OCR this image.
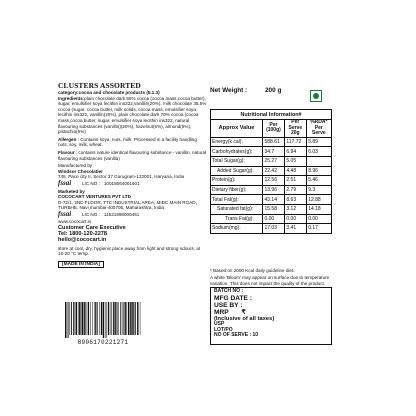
CLUSTERS ASSORTED
category:cocoa and chocolate products (5.1.3)

Ingredients:plain chocolate dark 55% cocoa (cocoa mass,cocoa butter), sugar, emulsifier soya lecithin ins322,vanillin(20%), milk chocolate 35.5% cocoa (sugar, cocoa butter, milk solids, cocoa mass, emulsifier soya lecithin ins322, vanillin(20%), plain chocolate dark 70% cocoa (cocoa mass,cocoa butter, sugar, emulsifier soya lecithin ins322, natural flavouring substances (vanillin)(20%), hazelnut(5%), almond(5%), pistachio(5%)

Allergen : Contains soya, nuts, milk. Processed in a facility handling nuts, soy, milk, wheat.

Flavour : contains nature identical flavouring substance - vanillin, natural flavouring substances (vanilla)

Manufactured by
Windsor Chocolatier
745, Pace city II, Sector 37 Gurugram-122001, Haryana, India
fssai	LIC NO : 10018064001601
Marketed by
COCOCART VENTURES PVT LTD
D-72/1, 2ND FLOOR, TTC INDUSTRIAL AREA, MIDC MAIN ROAD, TURBHE, Navi mumbai-400705, Maharashtra, India
fssai	LIC NO : 11521998000451
www.cococart.in
Customer Care Executive
Tel: 1800-120-2278
hello@cococart.in

store at cool, dry, hygienic place away from light and strong odours, at 16-20 °C temp.

[MADE IN INDIA]
8906170221271
Net Weight :	200 g
Nutritional Information#			
Approx Value	Per (100g)	Per Serve 20g	%RDA* Per Serve
Energy(k cal):	588.61	117.72	5.89
Carbohydrates(g):	34.7	6.94	6.03
Total Sugar(g):	25.27	5.05	
Added Sugar(g):	22.42	4.48	8.96
Protein(g):	12.56	2.51	5.46
Dietary fiber(g):	13.96	2.79	9.3
Total Fat(g):	43.14	8.63	12.88
Saturated fat(g):	15.58	3.12	14.18
Trans Fat(g):	0.00	0.00	0.00
Sodium(mg):	17.03	3.41	0.17

* Based on 2000 Kcal daily guideline diet.

A white 'Bloom' may appear on surface due to temperature variation. This does not impact the quality of the product.

BATCH NO :
MFG DATE :
USE BY :
MRP ₹
(Inclusive of all taxes)
USP
LOT/PO
NO OF SERVE : 10
